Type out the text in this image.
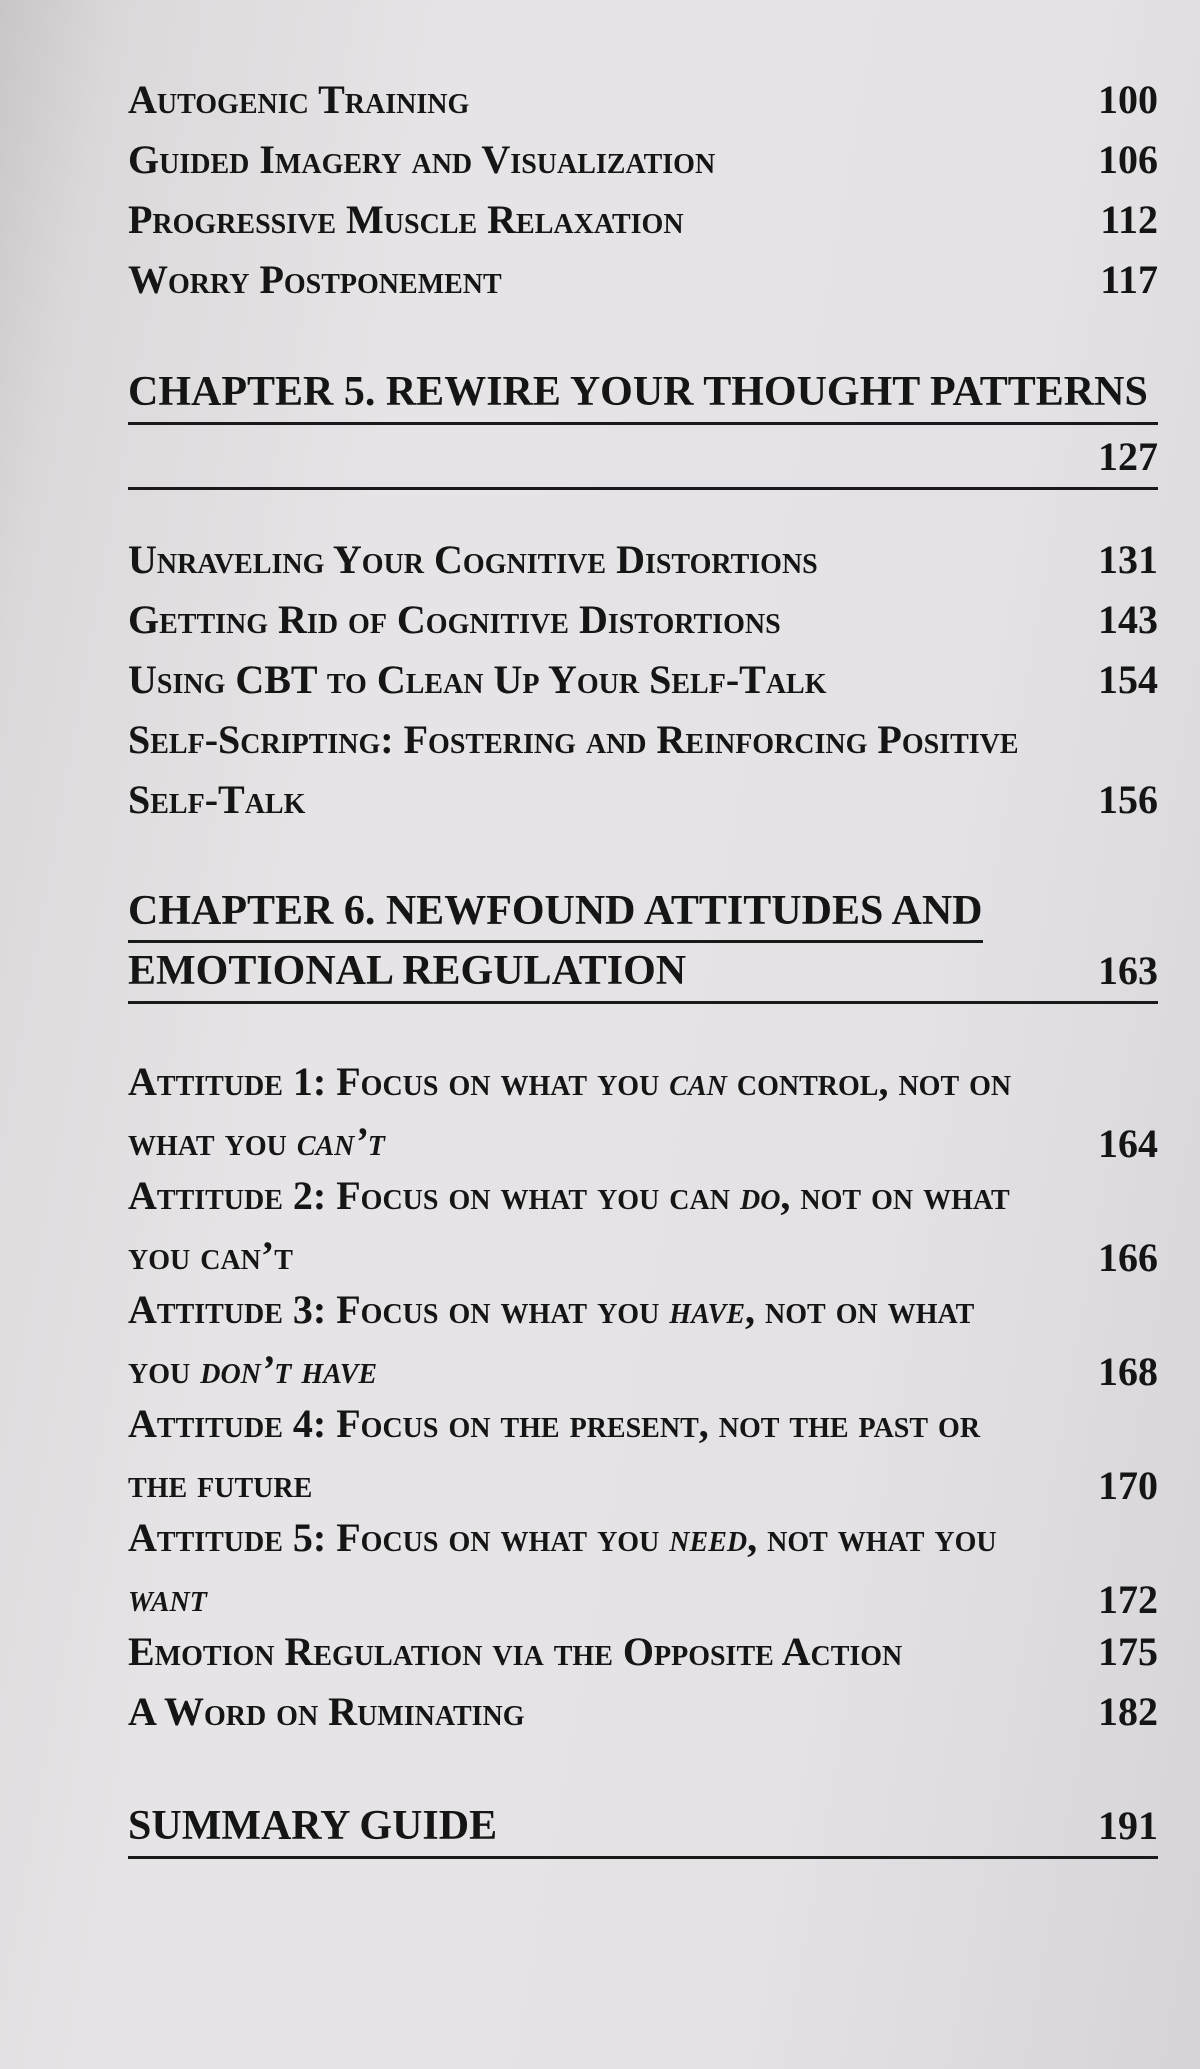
Autogenic Training	100
Guided Imagery and Visualization	106
Progressive Muscle Relaxation	112
Worry Postponement	117
CHAPTER 5. REWIRE YOUR THOUGHT PATTERNS
127
Unraveling Your Cognitive Distortions	131
Getting Rid of Cognitive Distortions	143
Using CBT to Clean Up Your Self-Talk	154
Self-Scripting: Fostering and Reinforcing Positive
Self-Talk	156
CHAPTER 6. NEWFOUND ATTITUDES AND
EMOTIONAL REGULATION	163
Attitude 1: Focus on what you can control, not on
what you can’t	164
Attitude 2: Focus on what you can do, not on what
you can’t	166
Attitude 3: Focus on what you have, not on what
you don’t have	168
Attitude 4: Focus on the present, not the past or
the future	170
Attitude 5: Focus on what you need, not what you
want	172
Emotion Regulation via the Opposite Action	175
A Word on Ruminating	182
SUMMARY GUIDE	191
